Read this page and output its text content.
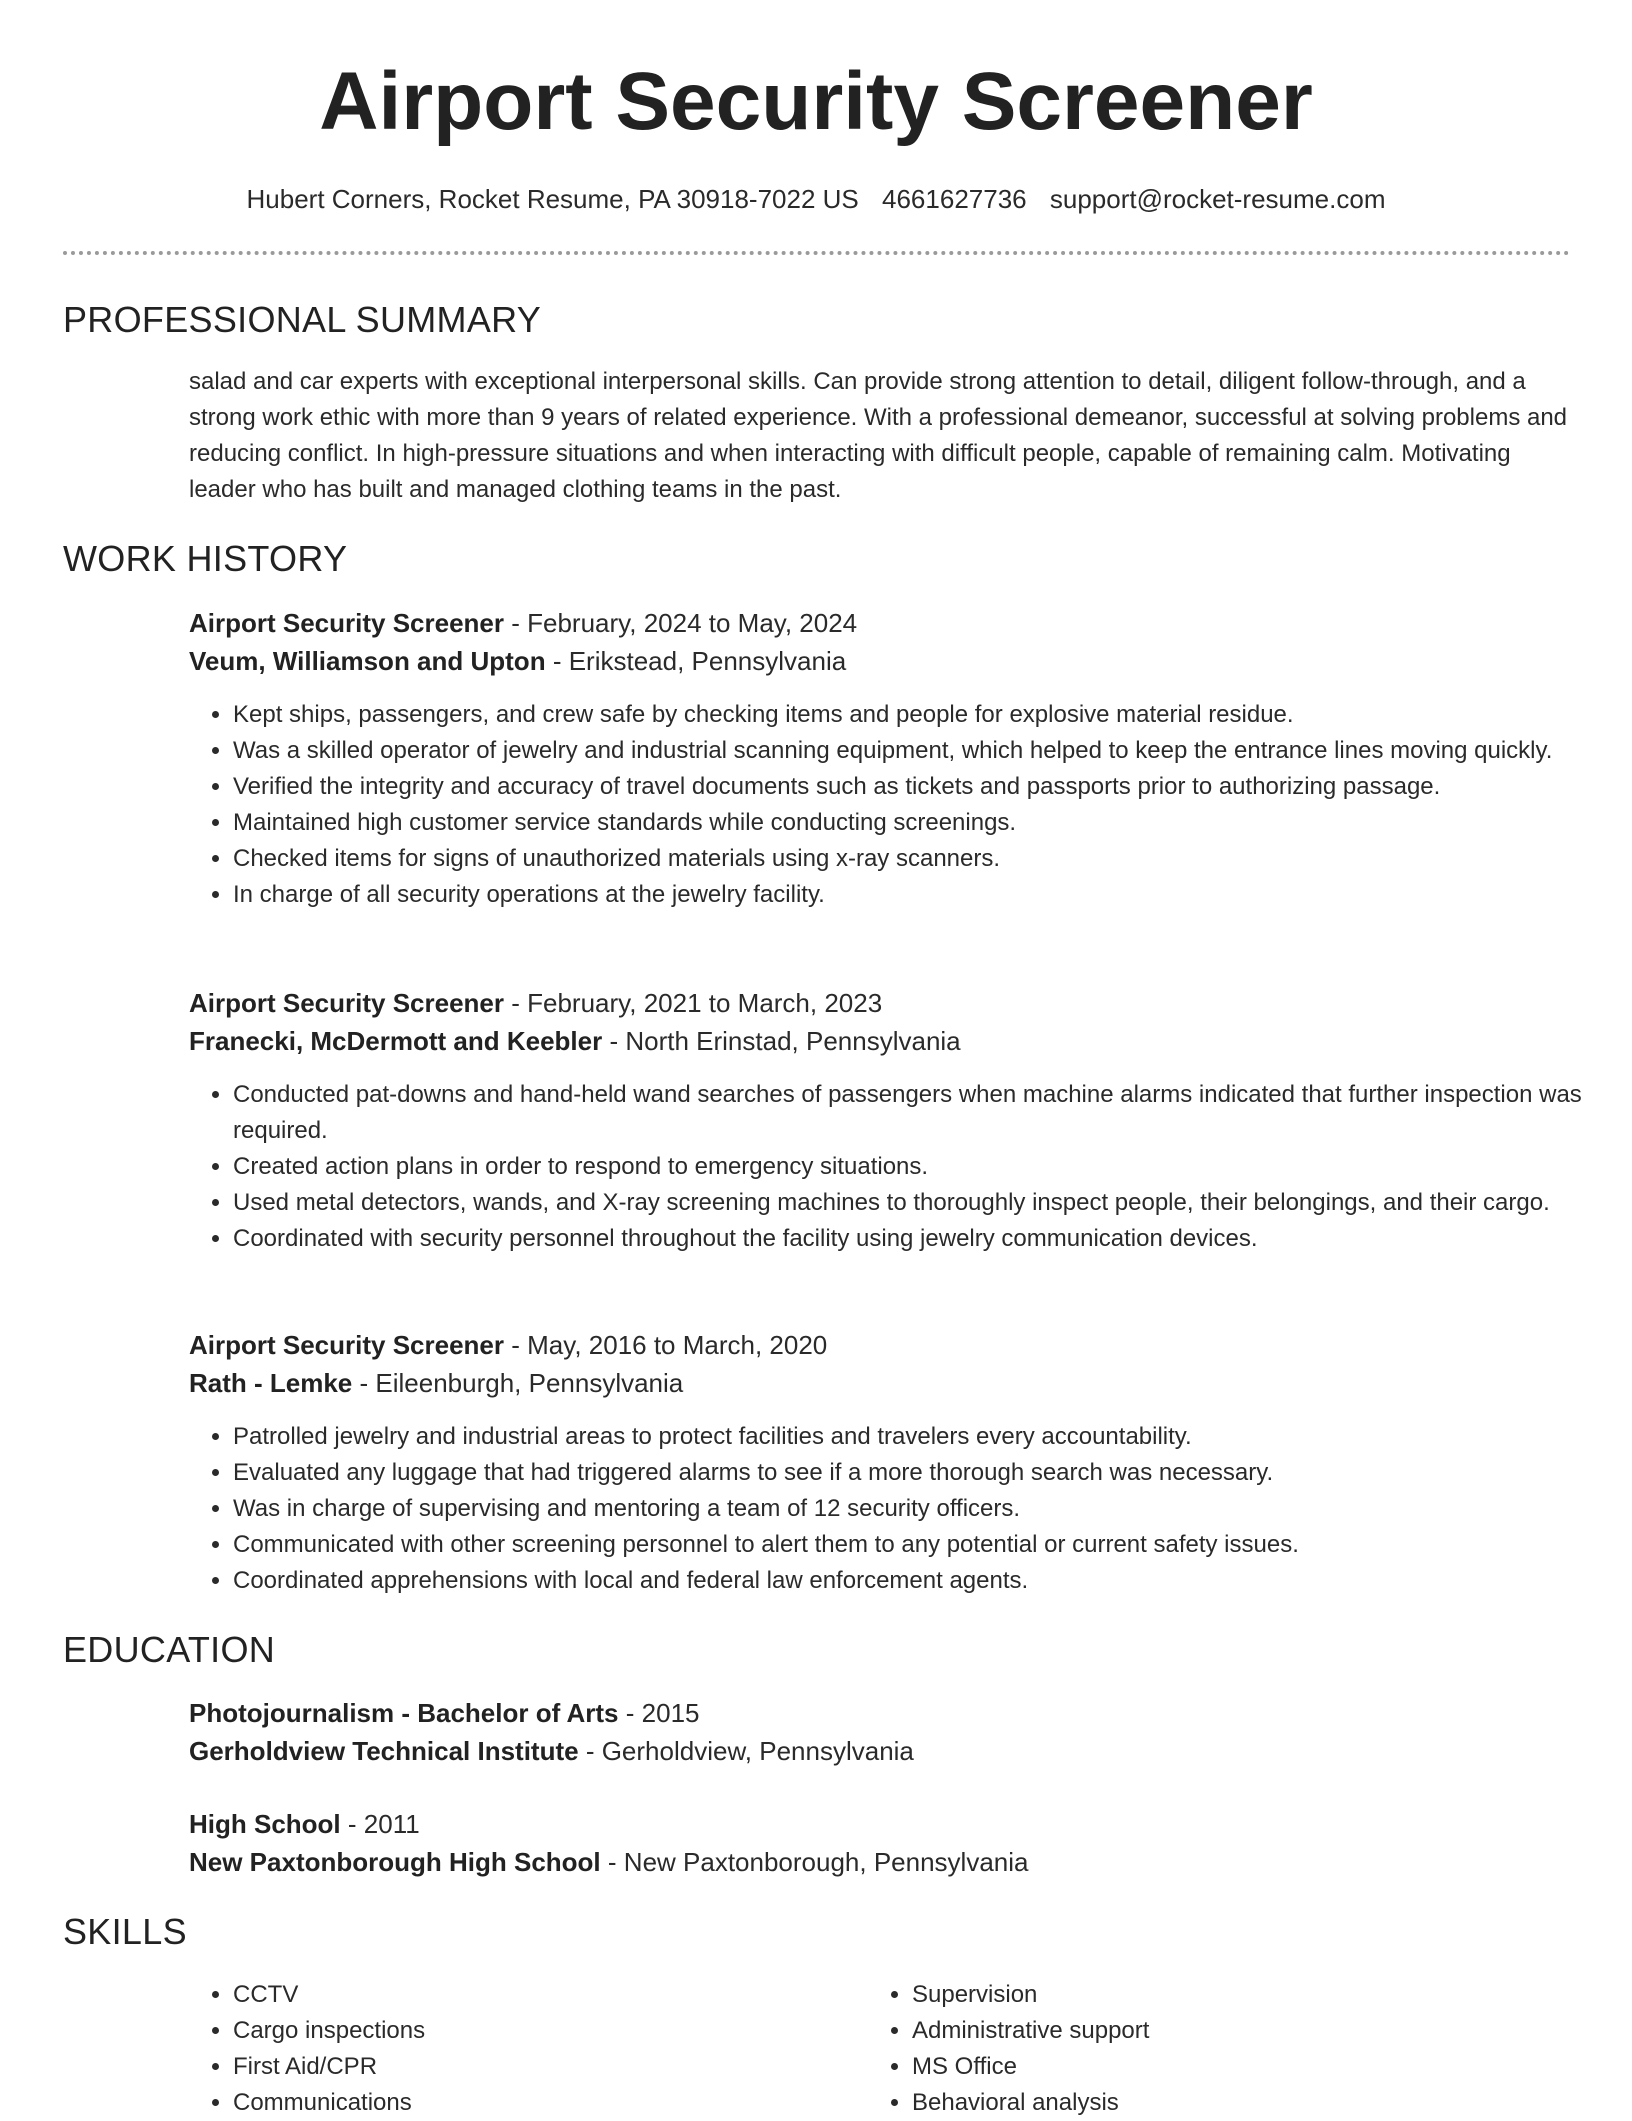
Airport Security Screener
Hubert Corners, Rocket Resume, PA 30918-7022 US 4661627736 support@rocket-resume.com
PROFESSIONAL SUMMARY

salad and car experts with exceptional interpersonal skills. Can provide strong attention to detail, diligent follow-through, and a strong work ethic with more than 9 years of related experience. With a professional demeanor, successful at solving problems and reducing conflict. In high-pressure situations and when interacting with difficult people, capable of remaining calm. Motivating leader who has built and managed clothing teams in the past.

WORK HISTORY
Airport Security Screener - February, 2024 to May, 2024
Veum, Williamson and Upton - Erikstead, Pennsylvania
• Kept ships, passengers, and crew safe by checking items and people for explosive material residue.
• Was a skilled operator of jewelry and industrial scanning equipment, which helped to keep the entrance lines moving quickly.
• Verified the integrity and accuracy of travel documents such as tickets and passports prior to authorizing passage.
• Maintained high customer service standards while conducting screenings.
• Checked items for signs of unauthorized materials using x-ray scanners.
• In charge of all security operations at the jewelry facility.
Airport Security Screener - February, 2021 to March, 2023
Franecki, McDermott and Keebler - North Erinstad, Pennsylvania
• Conducted pat-downs and hand-held wand searches of passengers when machine alarms indicated that further inspection was required.
• Created action plans in order to respond to emergency situations.
• Used metal detectors, wands, and X-ray screening machines to thoroughly inspect people, their belongings, and their cargo.
• Coordinated with security personnel throughout the facility using jewelry communication devices.
Airport Security Screener - May, 2016 to March, 2020
Rath - Lemke - Eileenburgh, Pennsylvania
• Patrolled jewelry and industrial areas to protect facilities and travelers every accountability.
• Evaluated any luggage that had triggered alarms to see if a more thorough search was necessary.
• Was in charge of supervising and mentoring a team of 12 security officers.
• Communicated with other screening personnel to alert them to any potential or current safety issues.
• Coordinated apprehensions with local and federal law enforcement agents.
EDUCATION
Photojournalism - Bachelor of Arts - 2015
Gerholdview Technical Institute - Gerholdview, Pennsylvania
High School - 2011
New Paxtonborough High School - New Paxtonborough, Pennsylvania
SKILLS
• CCTV
• Cargo inspections
• First Aid/CPR
• Communications
• Supervision
• Administrative support
• MS Office
• Behavioral analysis
